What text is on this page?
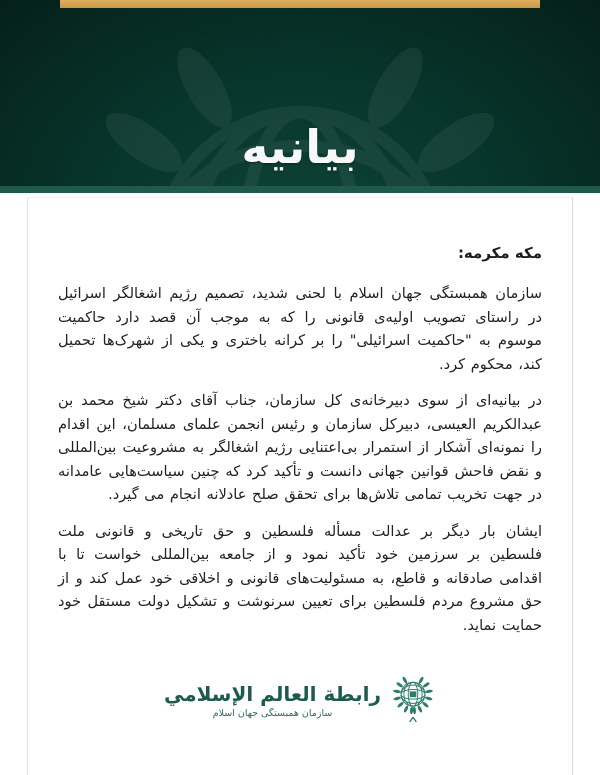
بيانيه

مکه مکرمه:

سازمان همبستگی جهان اسلام با لحنی شدید، تصمیم رژیم اشغالگر اسرائیل در راستای تصویب اولیه‌ی قانونی را که به موجب آن قصد دارد حاکمیت موسوم به "حاکمیت اسرائیلی" را بر کرانه باختری و یکی از شهرک‌ها تحمیل کند، محکوم کرد.

در بیانیه‌ای از سوی دبیرخانه‌ی کل سازمان، جناب آقای دکتر شیخ محمد بن عبدالکریم العیسی، دبیرکل سازمان و رئیس انجمن علمای مسلمان، این اقدام را نمونه‌ای آشکار از استمرار بی‌اعتنایی رژیم اشغالگر به مشروعیت بین‌المللی و نقض فاحش قوانین جهانی دانست و تأکید کرد که چنین سیاست‌هایی عامدانه در جهت تخریب تمامی تلاش‌ها برای تحقق صلح عادلانه انجام می گیرد.

ایشان بار دیگر بر عدالت مسأله فلسطین و حق تاریخی و قانونی ملت فلسطین بر سرزمین خود تأکید نمود و از جامعه بین‌المللی خواست تا با اقدامی صادقانه و قاطع، به مسئولیت‌های قانونی و اخلاقی خود عمل کند و از حق مشروع مردم فلسطین برای تعیین سرنوشت و تشکیل دولت مستقل خود حمایت نماید.

رابطة العالم الإسلامي
سازمان همبستگی جهان اسلام
